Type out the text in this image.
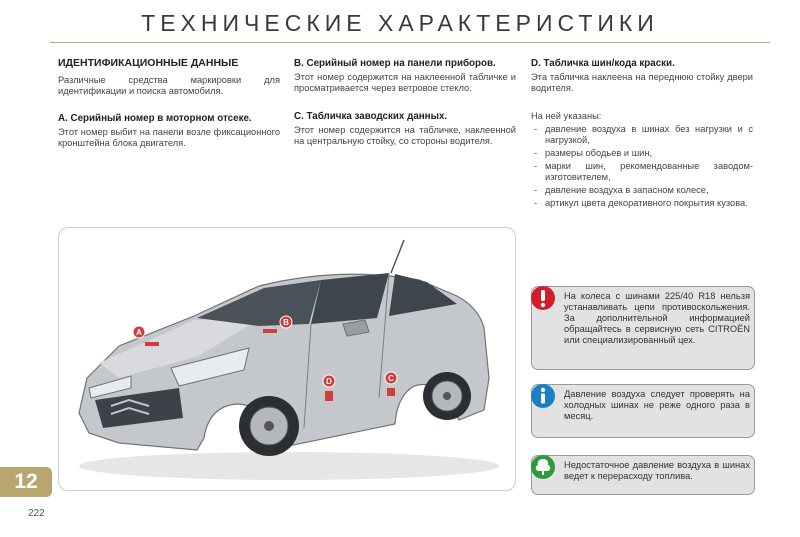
ТЕХНИЧЕСКИЕ ХАРАКТЕРИСТИКИ
ИДЕНТИФИКАЦИОННЫЕ ДАННЫЕ

Различные средства маркировки для идентификации и поиска автомобиля.

A. Серийный номер в моторном отсеке.

Этот номер выбит на панели возле фиксационного кронштейна блока двигателя.

B. Серийный номер на панели приборов.

Этот номер содержится на наклеенной табличке и просматривается через ветровое стекло.

C. Табличка заводских данных.

Этот номер содержится на табличке, наклеенной на центральную стойку, со стороны водителя.

D. Табличка шин/кода краски.

Эта табличка наклеена на переднюю стойку двери водителя.

На ней указаны:

- давление воздуха в шинах без нагрузки и с нагрузкой,
- размеры ободьев и шин,
- марки шин, рекомендованные заводом-изготовителем,
- давление воздуха в запасном колесе,
- артикул цвета декоративного покрытия кузова.
A
B
C
D
На колеса с шинами 225/40 R18 нельзя устанавливать цепи противоскольжения. За дополнительной информацией обращайтесь в сервисную сеть CITROËN или специализированный цех.
Давление воздуха следует проверять на холодных шинах не реже одного раза в месяц.
Недостаточное давление воздуха в шинах ведет к перерасходу топлива.
12
222
